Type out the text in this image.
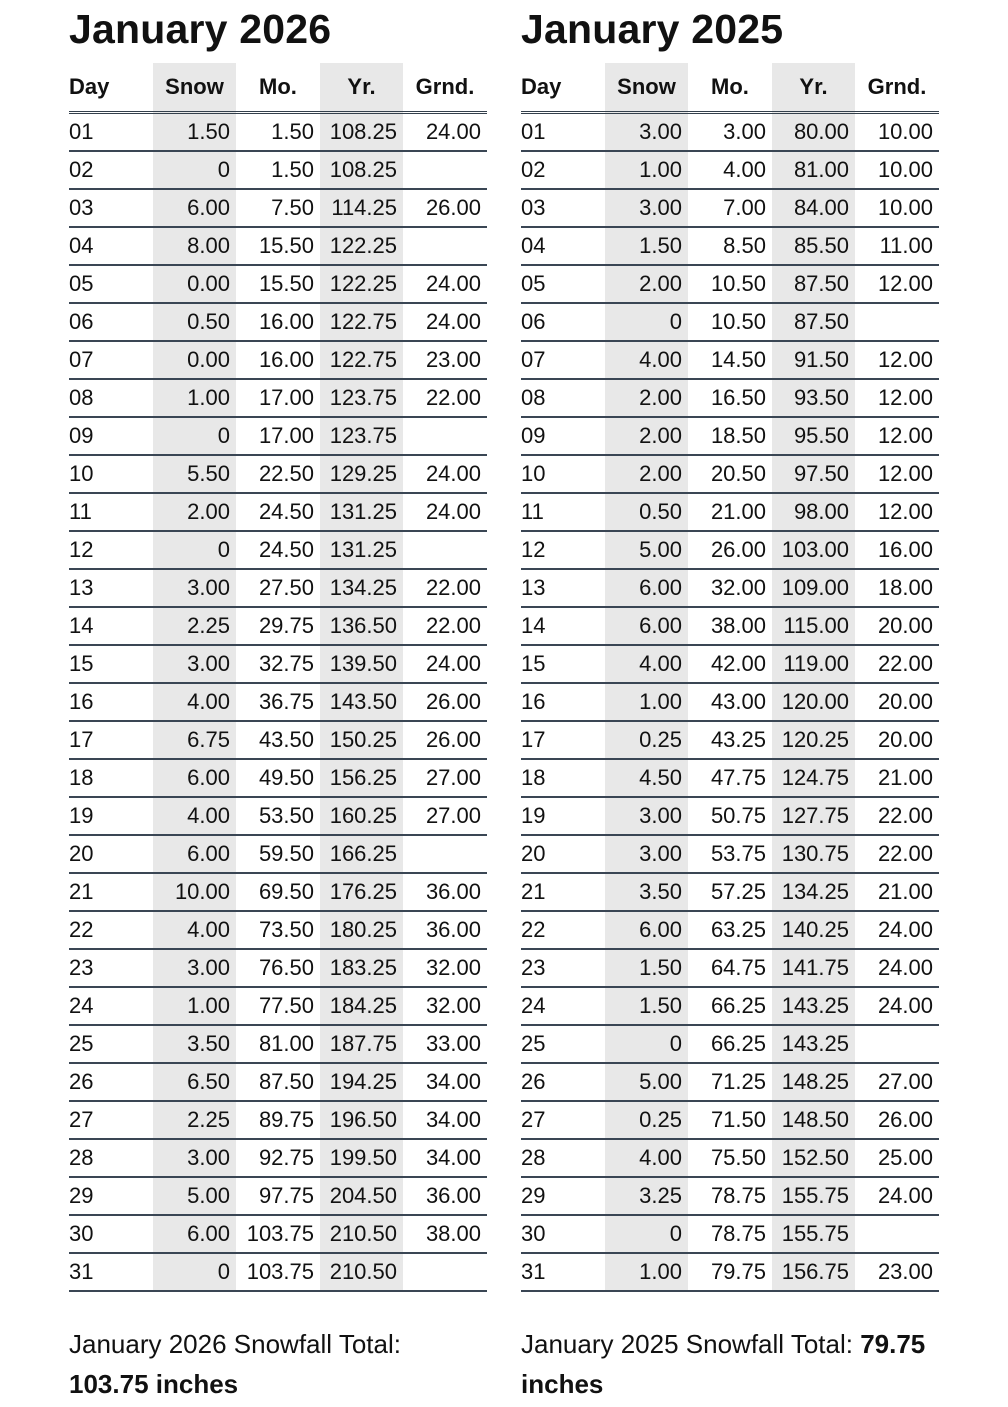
January 2026
Day	Snow	Mo.	Yr.	Grnd.
01	1.50	1.50	108.25	24.00
02	0	1.50	108.25	
03	6.00	7.50	114.25	26.00
04	8.00	15.50	122.25	
05	0.00	15.50	122.25	24.00
06	0.50	16.00	122.75	24.00
07	0.00	16.00	122.75	23.00
08	1.00	17.00	123.75	22.00
09	0	17.00	123.75	
10	5.50	22.50	129.25	24.00
11	2.00	24.50	131.25	24.00
12	0	24.50	131.25	
13	3.00	27.50	134.25	22.00
14	2.25	29.75	136.50	22.00
15	3.00	32.75	139.50	24.00
16	4.00	36.75	143.50	26.00
17	6.75	43.50	150.25	26.00
18	6.00	49.50	156.25	27.00
19	4.00	53.50	160.25	27.00
20	6.00	59.50	166.25	
21	10.00	69.50	176.25	36.00
22	4.00	73.50	180.25	36.00
23	3.00	76.50	183.25	32.00
24	1.00	77.50	184.25	32.00
25	3.50	81.00	187.75	33.00
26	6.50	87.50	194.25	34.00
27	2.25	89.75	196.50	34.00
28	3.00	92.75	199.50	34.00
29	5.00	97.75	204.50	36.00
30	6.00	103.75	210.50	38.00
31	0	103.75	210.50	
January 2025
Day	Snow	Mo.	Yr.	Grnd.
01	3.00	3.00	80.00	10.00
02	1.00	4.00	81.00	10.00
03	3.00	7.00	84.00	10.00
04	1.50	8.50	85.50	11.00
05	2.00	10.50	87.50	12.00
06	0	10.50	87.50	
07	4.00	14.50	91.50	12.00
08	2.00	16.50	93.50	12.00
09	2.00	18.50	95.50	12.00
10	2.00	20.50	97.50	12.00
11	0.50	21.00	98.00	12.00
12	5.00	26.00	103.00	16.00
13	6.00	32.00	109.00	18.00
14	6.00	38.00	115.00	20.00
15	4.00	42.00	119.00	22.00
16	1.00	43.00	120.00	20.00
17	0.25	43.25	120.25	20.00
18	4.50	47.75	124.75	21.00
19	3.00	50.75	127.75	22.00
20	3.00	53.75	130.75	22.00
21	3.50	57.25	134.25	21.00
22	6.00	63.25	140.25	24.00
23	1.50	64.75	141.75	24.00
24	1.50	66.25	143.25	24.00
25	0	66.25	143.25	
26	5.00	71.25	148.25	27.00
27	0.25	71.50	148.50	26.00
28	4.00	75.50	152.50	25.00
29	3.25	78.75	155.75	24.00
30	0	78.75	155.75	
31	1.00	79.75	156.75	23.00
January 2026 Snowfall Total:
103.75 inches
January 2025 Snowfall Total: 79.75 inches
